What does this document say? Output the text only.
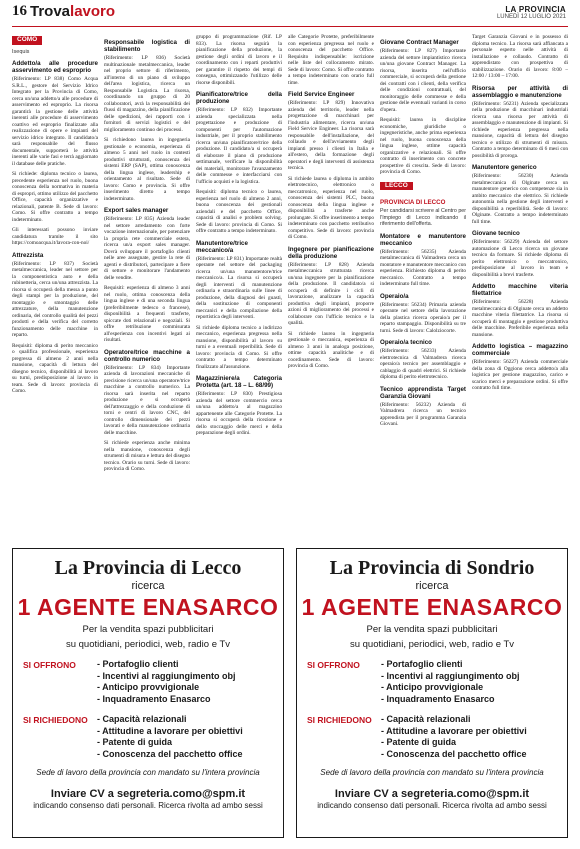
16 Trovalavoro	LA PROVINCIA
LUNEDÌ 12 LUGLIO 2021
COMO
Isequis
Addetto/a alle procedure asservimento ed esproprio

(Riferimento: LP 838) Como Acqua S.R.L., gestore del Servizio Idrico Integrato per la Provincia di Como, cerca un/una addetto/a alle procedure di asservimento ed esproprio. La risorsa garantirà la gestione delle attività inerenti alle procedure di asservimento coattivo ed esproprio finalizzate alla realizzazione di opere e impianti del servizio idrico integrato. Il candidato/a sarà responsabile del flusso documentale, supporterà le attività inerenti alle varie fasi e terrà aggiornato il database delle pratiche.

Si richiede: diploma tecnico o laurea, precedente esperienza nel ruolo, buona conoscenza della normativa in materia di espropri, ottimo utilizzo del pacchetto Office, capacità organizzative e relazionali, patente B. Sede di lavoro: Como. Si offre contratto a tempo indeterminato.

Gli interessati possono inviare candidatura tramite il sito https://comoacqua.it/lavora-con-noi/

Attrezzista

(Riferimento: LP 837) Società metalmeccanica, leader nel settore per la componentistica auto e della rubinetteria, cerca un/una attrezzista. La risorsa si occuperà della messa a punto degli stampi per la produzione, del montaggio e smontaggio delle attrezzature, della manutenzione ordinaria, del controllo qualità dei pezzi prodotti e della verifica del corretto funzionamento delle macchine in reparto.

Requisiti: diploma di perito meccanico o qualifica professionale, esperienza pregressa di almeno 2 anni nella mansione, capacità di lettura del disegno tecnico, disponibilità al lavoro su turni, predisposizione al lavoro in team. Sede di lavoro: provincia di Como.

Responsabile logistica di stabilimento

(Riferimento: LP 836) Società multinazionale metalmeccanica, leader nel proprio settore di riferimento, all'interno di un piano di sviluppo dell'area logistica, ricerca un Responsabile Logistica. La risorsa, coordinando un gruppo di 20 collaboratori, avrà la responsabilità dei flussi di magazzino, della pianificazione delle spedizioni, dei rapporti con i fornitori di servizi logistici e del miglioramento continuo dei processi.

Si richiedono laurea in ingegneria gestionale o economia, esperienza di almeno 5 anni nel ruolo in contesti produttivi strutturati, conoscenza dei sistemi ERP (SAP), ottima conoscenza della lingua inglese, leadership e orientamento al risultato. Sede di lavoro: Como e provincia. Si offre inserimento diretto a tempo indeterminato.

Export sales manager

(Riferimento: LP 835) Azienda leader nel settore arredamento con forte vocazione internazionale, per potenziare la propria rete commerciale estera, ricerca un/a export sales manager. Dovrà sviluppare il portafoglio clienti nelle aree assegnate, gestire la rete di agenti e distributori, partecipare a fiere di settore e monitorare l'andamento delle vendite.

Requisiti: esperienza di almeno 3 anni nel ruolo, ottima conoscenza della lingua inglese e di una seconda lingua (preferibilmente tedesco o francese), disponibilità a frequenti trasferte, spiccate doti relazionali e negoziali. Si offre retribuzione commisurata all'esperienza con incentivi legati ai risultati.

Operatore/trice macchine a controllo numerico

(Riferimento: LP 834) Importante azienda di lavorazioni meccaniche di precisione ricerca un/una operatore/trice macchine a controllo numerico. La risorsa sarà inserita nel reparto produzione e si occuperà dell'attrezzaggio e della conduzione di torni e centri di lavoro CNC, del controllo dimensionale dei pezzi lavorati e della manutenzione ordinaria delle macchine.

Si richiede esperienza anche minima nella mansione, conoscenza degli strumenti di misura e lettura del disegno tecnico. Orario su turni. Sede di lavoro: provincia di Como.

gruppo di programmazione (Rif. LP 833). La risorsa seguirà la pianificazione della produzione, la gestione degli ordini di lavoro e il coordinamento con i reparti produttivi per garantire il rispetto dei tempi di consegna, ottimizzando l'utilizzo delle risorse disponibili.

Pianificatore/trice della produzione

(Riferimento: LP 832) Importante azienda specializzata nella progettazione e produzione di componenti per l'automazione industriale, per il proprio stabilimento ricerca un/una pianificatore/trice della produzione. Il candidato/a si occuperà di elaborare il piano di produzione settimanale, verificare la disponibilità dei materiali, monitorare l'avanzamento delle commesse e interfacciarsi con l'ufficio acquisti e la logistica.

Requisiti: diploma tecnico o laurea, esperienza nel ruolo di almeno 2 anni, buona conoscenza dei gestionali aziendali e del pacchetto Office, capacità di analisi e problem solving. Sede di lavoro: provincia di Como. Si offre contratto a tempo indeterminato.

Manutentore/trice meccanico/a

(Riferimento: LP 831) Importante realtà operante nel settore del packaging ricerca un/una manutentore/trice meccanico/a. La risorsa si occuperà degli interventi di manutenzione ordinaria e straordinaria sulle linee di produzione, della diagnosi dei guasti, della sostituzione di componenti meccanici e della compilazione della reportistica degli interventi.

Si richiede diploma tecnico a indirizzo meccanico, esperienza pregressa nella mansione, disponibilità al lavoro su turni e a eventuali reperibilità. Sede di lavoro: provincia di Como. Si offre contratto a tempo determinato finalizzato all'assunzione.

Magazziniere/a Categoria Protetta (art. 18 – L. 68/99)

(Riferimento: LP 830) Prestigiosa azienda del settore commercio cerca un/una addetto/a al magazzino appartenente alle Categorie Protette. La risorsa si occuperà della ricezione e dello stoccaggio delle merci e della preparazione degli ordini.

alle Categorie Protette, preferibilmente con esperienza pregressa nel ruolo e conoscenza del pacchetto Office. Requisito indispensabile: iscrizione nelle liste del collocamento mirato. Sede di lavoro: Como. Si offre contratto a tempo indeterminato con orario full time.

Field Service Engineer

(Riferimento: LP 829) Innovativa azienda del territorio, leader nella progettazione di macchinari per l'industria alimentare, ricerca un/una Field Service Engineer. La risorsa sarà responsabile dell'installazione, del collaudo e dell'avviamento degli impianti presso i clienti in Italia e all'estero, della formazione degli operatori e degli interventi di assistenza tecnica.

Si richiede laurea o diploma in ambito elettrotecnico, elettronico o meccatronico, esperienza nel ruolo, conoscenza dei sistemi PLC, buona conoscenza della lingua inglese e disponibilità a trasferte anche prolungate. Si offre inserimento a tempo indeterminato con pacchetto retributivo competitivo. Sede di lavoro: provincia di Como.

Ingegnere per pianificazione della produzione

(Riferimento: LP 828) Azienda metalmeccanica strutturata ricerca un/una ingegnere per la pianificazione della produzione. Il candidato/a si occuperà di definire i cicli di lavorazione, analizzare la capacità produttiva degli impianti, proporre azioni di miglioramento dei processi e collaborare con l'ufficio tecnico e la qualità.

Si richiede laurea in ingegneria gestionale o meccanica, esperienza di almeno 3 anni in analoga posizione, ottime capacità analitiche e di coordinamento. Sede di lavoro: provincia di Como.

Giovane Contract Manager

(Riferimento: LP 827) Importante azienda del settore impiantistico ricerca un/una giovane Contract Manager. La risorsa, inserita nell'ufficio commerciale, si occuperà della gestione dei contratti con i clienti, della verifica delle condizioni contrattuali, del monitoraggio delle commesse e della gestione delle eventuali varianti in corso d'opera.

Requisiti: laurea in discipline economiche, giuridiche o ingegneristiche, anche prima esperienza nel ruolo, buona conoscenza della lingua inglese, ottime capacità organizzative e relazionali. Si offre contratto di inserimento con concrete prospettive di crescita. Sede di lavoro: provincia di Como.

LECCO
PROVINCIA DI LECCO
Per candidarsi scrivere al Centro per l'Impiego di Lecco indicando il riferimento dell'offerta.
Montatore e manutentore meccanico

(Riferimento: 56235) Azienda metalmeccanica di Valmadrera cerca un montatore e manutentore meccanico con esperienza. Richiesto diploma di perito meccanico. Contratto a tempo indeterminato full time.

Operaio/a

(Riferimento: 56234) Primaria azienda operante nel settore della lavorazione della plastica ricerca operaio/a per il reparto stampaggio. Disponibilità su tre turni. Sede di lavoro: Calolziocorte.

Operaio/a tecnico

(Riferimento: 56233) Azienda elettrotecnica di Valmadrera ricerca operaio/a tecnico per assemblaggio e cablaggio di quadri elettrici. Si richiede diploma di perito elettrotecnico.

Tecnico apprendista Target Garanzia Giovani

(Riferimento: 56232) Azienda di Valmadrera ricerca un tecnico apprendista per il programma Garanzia Giovani.

Target Garanzia Giovani e in possesso di diploma tecnico. La risorsa sarà affiancata a personale esperto nelle attività di installazione e collaudo. Contratto di apprendistato con prospettiva di stabilizzazione. Orario di lavoro: 8:00 – 12:00 / 13:00 – 17:00.

Risorsa per attività di assemblaggio e manutenzione

(Riferimento: 56231) Azienda specializzata nella produzione di macchinari industriali ricerca una risorsa per attività di assemblaggio e manutenzione di impianti. Si richiede esperienza pregressa nella mansione, capacità di lettura del disegno tecnico e utilizzo di strumenti di misura. Contratto a tempo determinato di 6 mesi con possibilità di proroga.

Manutentore generico

(Riferimento: 56230) Azienda metalmeccanica di Olginate cerca un manutentore generico con competenze sia in ambito meccanico che elettrico. Si richiede autonomia nella gestione degli interventi e disponibilità a reperibilità. Sede di lavoro: Olginate. Contratto a tempo indeterminato full time.

Giovane tecnico

(Riferimento: 56229) Azienda del settore automazione di Lecco ricerca un giovane tecnico da formare. Si richiede diploma di perito elettronico o meccatronico, predisposizione al lavoro in team e disponibilità a brevi trasferte.

Addetto macchine viteria filettatrice

(Riferimento: 56228) Azienda metalmeccanica di Olginate cerca un addetto macchine viteria filettatrice. La risorsa si occuperà di montaggio e gestione produttiva delle macchine. Preferibile esperienza nella mansione.

Addetto logistica – magazzino commerciale

(Riferimento: 56227) Azienda commerciale della zona di Oggiono cerca addetto/a alla logistica per gestione magazzino, carico e scarico merci e preparazione ordini. Si offre contratto full time.

La Provincia di Lecco
ricerca
1 AGENTE ENASARCO
Per la vendita spazi pubblicitari
su quotidiani, periodici, web, radio e Tv
SI OFFRONO	- Portafoglio clienti
- Incentivi al raggiungimento obj
- Anticipo provvigionale
- Inquadramento Enasarco
SI RICHIEDONO	- Capacità relazionali
- Attitudine a lavorare per obiettivi
- Patente di guida
- Conoscenza del pacchetto office
Sede di lavoro della provincia con mandato su l'intera provincia
Inviare CV a segreteria.como@spm.it
indicando consenso dati personali. Ricerca rivolta ad ambo sessi
La Provincia di Sondrio
ricerca
1 AGENTE ENASARCO
Per la vendita spazi pubblicitari
su quotidiani, periodici, web, radio e Tv
SI OFFRONO	- Portafoglio clienti
- Incentivi al raggiungimento obj
- Anticipo provvigionale
- Inquadramento Enasarco
SI RICHIEDONO	- Capacità relazionali
- Attitudine a lavorare per obiettivi
- Patente di guida
- Conoscenza del pacchetto office
Sede di lavoro della provincia con mandato su l'intera provincia
Inviare CV a segreteria.como@spm.it
indicando consenso dati personali. Ricerca rivolta ad ambo sessi
